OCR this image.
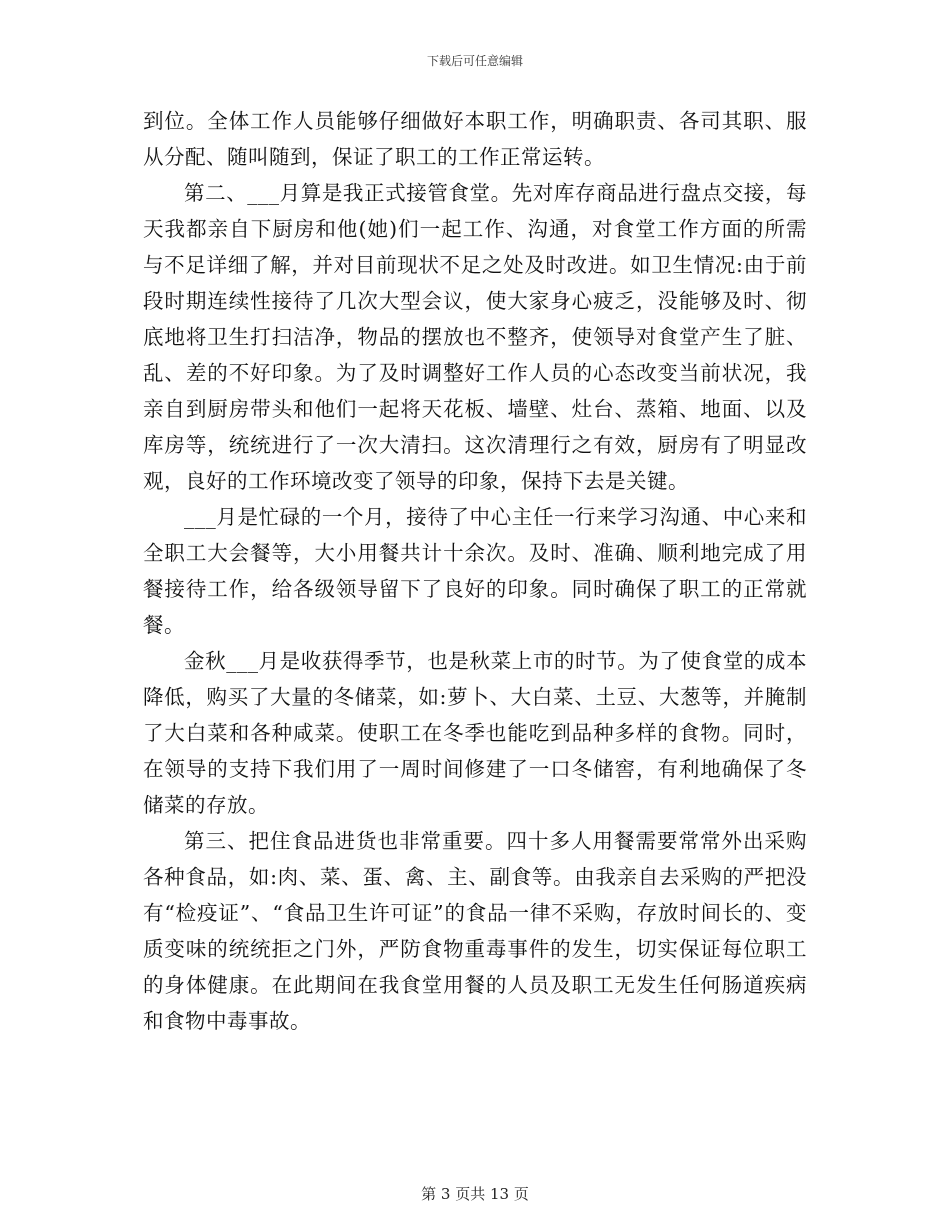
下载后可任意编辑

到位。全体工作人员能够仔细做好本职工作，明确职责、各司其职、服从分配、随叫随到，保证了职工的工作正常运转。

第二、___月算是我正式接管食堂。先对库存商品进行盘点交接，每天我都亲自下厨房和他(她)们一起工作、沟通，对食堂工作方面的所需与不足详细了解，并对目前现状不足之处及时改进。如卫生情况:由于前段时期连续性接待了几次大型会议，使大家身心疲乏，没能够及时、彻底地将卫生打扫洁净，物品的摆放也不整齐，使领导对食堂产生了脏、乱、差的不好印象。为了及时调整好工作人员的心态改变当前状况，我亲自到厨房带头和他们一起将天花板、墙壁、灶台、蒸箱、地面、以及库房等，统统进行了一次大清扫。这次清理行之有效，厨房有了明显改观，良好的工作环境改变了领导的印象，保持下去是关键。

___月是忙碌的一个月，接待了中心主任一行来学习沟通、中心来和全职工大会餐等，大小用餐共计十余次。及时、准确、顺利地完成了用餐接待工作，给各级领导留下了良好的印象。同时确保了职工的正常就餐。

金秋___月是收获得季节，也是秋菜上市的时节。为了使食堂的成本降低，购买了大量的冬储菜，如:萝卜、大白菜、土豆、大葱等，并腌制了大白菜和各种咸菜。使职工在冬季也能吃到品种多样的食物。同时，在领导的支持下我们用了一周时间修建了一口冬储窖，有利地确保了冬储菜的存放。

第三、把住食品进货也非常重要。四十多人用餐需要常常外出采购各种食品，如:肉、菜、蛋、禽、主、副食等。由我亲自去采购的严把没有“检疫证”、“食品卫生许可证”的食品一律不采购，存放时间长的、变质变味的统统拒之门外，严防食物重毒事件的发生，切实保证每位职工的身体健康。在此期间在我食堂用餐的人员及职工无发生任何肠道疾病和食物中毒事故。

第 3 页共 13 页
